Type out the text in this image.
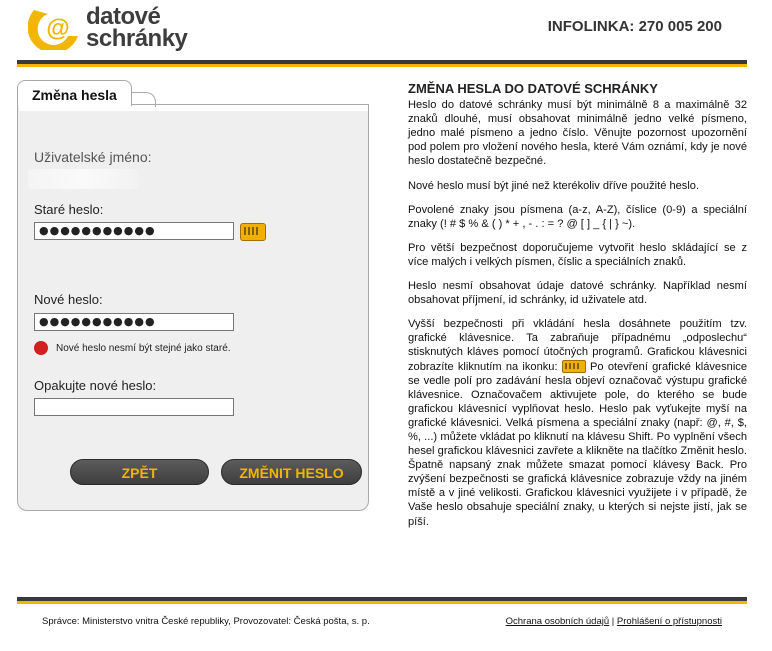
@ datové
schránky	INFOLINKA: 270 005 200
Změna hesla
Uživatelské jméno:
Staré heslo:
●●●●●●●●●●●
Nové heslo:
●●●●●●●●●●●
Nové heslo nesmí být stejné jako staré.
Opakujte nové heslo:
ZPĚT	ZMĚNIT HESLO
ZMĚNA HESLA DO DATOVÉ SCHRÁNKY

Heslo do datové schránky musí být minimálně 8 a maximálně 32 znaků dlouhé, musí obsahovat minimálně jedno velké písmeno, jedno malé písmeno a jedno číslo. Věnujte pozornost upozornění pod polem pro vložení nového hesla, které Vám oznámí, kdy je nové heslo dostatečně bezpečné.

Nové heslo musí být jiné než kterékoliv dříve použité heslo.

Povolené znaky jsou písmena (a-z, A-Z), číslice (0-9) a speciální znaky (! # $ % & ( ) * + , - . : = ? @ [ ] _ { | } ~).

Pro větší bezpečnost doporučujeme vytvořit heslo skládající se z více malých i velkých písmen, číslic a speciálních znaků.

Heslo nesmí obsahovat údaje datové schránky. Například nesmí obsahovat příjmení, id schránky, id uživatele atd.

Vyšší bezpečnosti při vkládání hesla dosáhnete použitím tzv. grafické klávesnice. Ta zabraňuje případnému „odposlechu“ stisknutých kláves pomocí útočných programů. Grafickou klávesnici zobrazíte kliknutím na ikonku:	Po otevření grafické klávesnice se vedle polí pro zadávání hesla objeví označovač výstupu grafické klávesnice. Označovačem aktivujete pole, do kterého se bude grafickou klávesnicí vyplňovat heslo. Heslo pak vyťukejte myší na grafické klávesnici. Velká písmena a speciální znaky (např: @, #, $, %, ...) můžete vkládat po kliknutí na klávesu Shift. Po vyplnění všech hesel grafickou klávesnici zavřete a klikněte na tlačítko Změnit heslo. Špatně napsaný znak můžete smazat pomocí klávesy Back. Pro zvýšení bezpečnosti se grafická klávesnice zobrazuje vždy na jiném místě a v jiné velikosti. Grafickou klávesnici využijete i v případě, že Vaše heslo obsahuje speciální znaky, u kterých si nejste jistí, jak se píší.

Správce: Ministerstvo vnitra České republiky, Provozovatel: Česká pošta, s. p.	Ochrana osobních údajů | Prohlášení o přístupnosti
